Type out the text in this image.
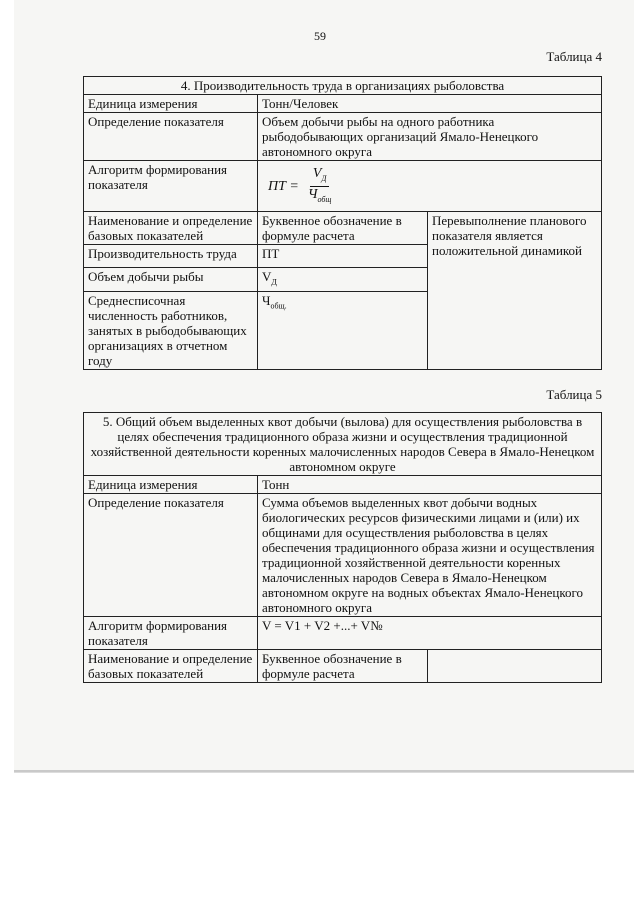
59
Таблица 4
4. Производительность труда в организациях рыболовства		
Единица измерения	Тонн/Человек	
Определение показателя	Объем добычи рыбы на одного работника рыбодобывающих организаций Ямало-Ненецкого автономного округа	
Алгоритм формирования показателя	ПТ = $\frac{V_Д}{Ч_{общ}}$

Наименование и определение базовых показателей	Буквенное обозначение в формуле расчета	Перевыполнение планового показателя является положительной динамикой
Производительность труда	ПТ	
Объем добычи рыбы	$V_Д$
Среднесписочная численность работников, занятых в рыбодобывающих организациях в отчетном году	$Ч_{общ.}$
Таблица 5
5. Общий объем выделенных квот добычи (вылова) для осуществления рыболовства в целях обеспечения традиционного образа жизни и осуществления традиционной хозяйственной деятельности коренных малочисленных народов Севера в Ямало-Ненецком автономном округе		
Единица измерения	Тонн	
Определение показателя	Сумма объемов выделенных квот добычи водных биологических ресурсов физическими лицами и (или) их общинами для осуществления рыболовства в целях обеспечения традиционного образа жизни и осуществления традиционной хозяйственной деятельности коренных малочисленных народов Севера в Ямало-Ненецком автономном округе на водных объектах Ямало-Ненецкого автономного округа	
Алгоритм формирования показателя	V = V1 + V2 +...+ V№	
Наименование и определение базовых показателей	Буквенное обозначение в формуле расчета	
